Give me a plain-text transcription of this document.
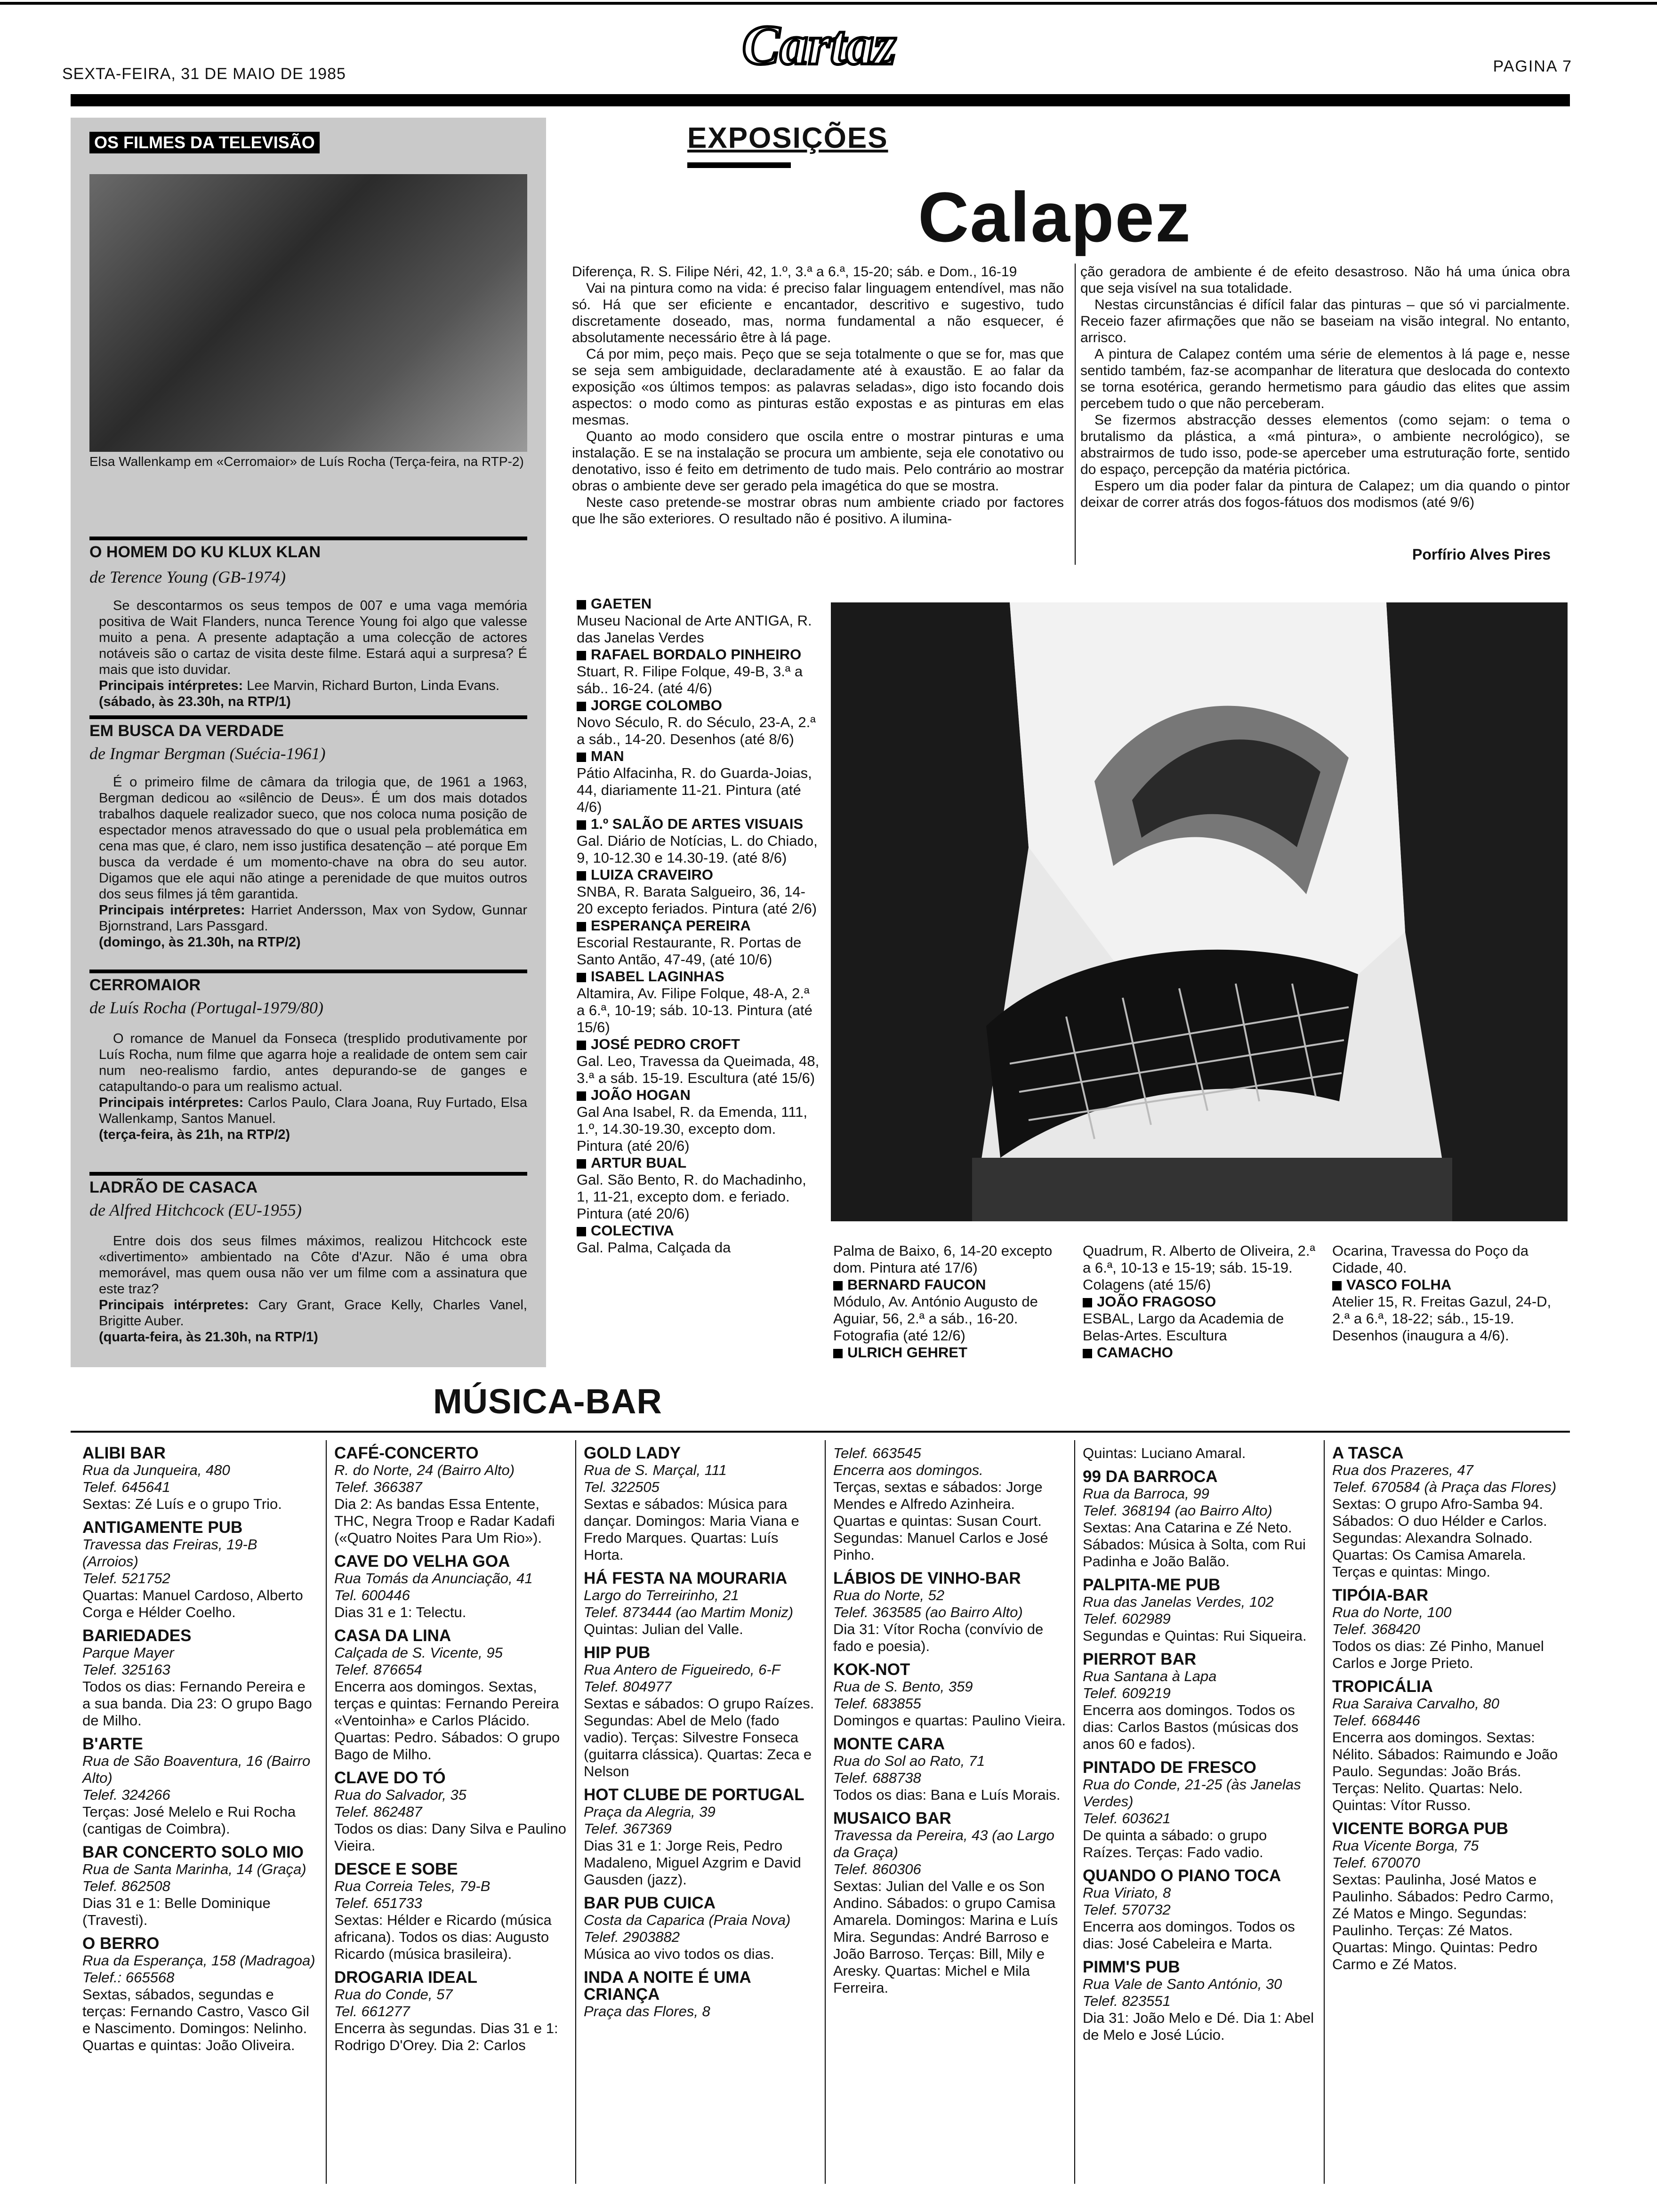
SEXTA-FEIRA, 31 DE MAIO DE 1985	Cartaz	PAGINA 7
OS FILMES DA TELEVISÃO
Elsa Wallenkamp em «Cerromaior» de Luís Rocha (Terça-feira, na RTP-2)
O HOMEM DO KU KLUX KLAN
de Terence Young (GB-1974)
Se descontarmos os seus tempos de 007 e uma vaga memória positiva de Wait Flanders, nunca Terence Young foi algo que valesse muito a pena. A presente adaptação a uma colecção de actores notáveis são o cartaz de visita deste filme. Estará aqui a surpresa? É mais que isto duvidar.
Principais intérpretes: Lee Marvin, Richard Burton, Linda Evans.
(sábado, às 23.30h, na RTP/1)
EM BUSCA DA VERDADE
de Ingmar Bergman (Suécia-1961)
É o primeiro filme de câmara da trilogia que, de 1961 a 1963, Bergman dedicou ao «silêncio de Deus». É um dos mais dotados trabalhos daquele realizador sueco, que nos coloca numa posição de espectador menos atravessado do que o usual pela problemática em cena mas que, é claro, nem isso justifica desatenção – até porque Em busca da verdade é um momento-chave na obra do seu autor. Digamos que ele aqui não atinge a perenidade de que muitos outros dos seus filmes já têm garantida.
Principais intérpretes: Harriet Andersson, Max von Sydow, Gunnar Bjornstrand, Lars Passgard.
(domingo, às 21.30h, na RTP/2)
CERROMAIOR
de Luís Rocha (Portugal-1979/80)
O romance de Manuel da Fonseca (trespIido produtivamente por Luís Rocha, num filme que agarra hoje a realidade de ontem sem cair num neo-realismo fardio, antes depurando-se de ganges e catapultando-o para um realismo actual.
Principais intérpretes: Carlos Paulo, Clara Joana, Ruy Furtado, Elsa Wallenkamp, Santos Manuel.
(terça-feira, às 21h, na RTP/2)
LADRÃO DE CASACA
de Alfred Hitchcock (EU-1955)
Entre dois dos seus filmes máximos, realizou Hitchcock este «divertimento» ambientado na Côte d'Azur. Não é uma obra memorável, mas quem ousa não ver um filme com a assinatura que este traz?
Principais intérpretes: Cary Grant, Grace Kelly, Charles Vanel, Brigitte Auber.
(quarta-feira, às 21.30h, na RTP/1)
EXPOSIÇÕES
Calapez

Diferença, R. S. Filipe Néri, 42, 1.º, 3.ª a 6.ª, 15-20; sáb. e Dom., 16-19

Vai na pintura como na vida: é preciso falar linguagem entendível, mas não só. Há que ser eficiente e encantador, descritivo e sugestivo, tudo discretamente doseado, mas, norma fundamental a não esquecer, é absolutamente necessário être à lá page.

Cá por mim, peço mais. Peço que se seja totalmente o que se for, mas que se seja sem ambiguidade, declaradamente até à exaustão. E ao falar da exposição «os últimos tempos: as palavras seladas», digo isto focando dois aspectos: o modo como as pinturas estão expostas e as pinturas em elas mesmas.

Quanto ao modo considero que oscila entre o mostrar pinturas e uma instalação. E se na instalação se procura um ambiente, seja ele conotativo ou denotativo, isso é feito em detrimento de tudo mais. Pelo contrário ao mostrar obras o ambiente deve ser gerado pela imagética do que se mostra.

Neste caso pretende-se mostrar obras num ambiente criado por factores que lhe são exteriores. O resultado não é positivo. A ilumina-

ção geradora de ambiente é de efeito desastroso. Não há uma única obra que seja visível na sua totalidade.

Nestas circunstâncias é difícil falar das pinturas – que só vi parcialmente. Receio fazer afirmações que não se baseiam na visão integral. No entanto, arrisco.

A pintura de Calapez contém uma série de elementos à lá page e, nesse sentido também, faz-se acompanhar de literatura que deslocada do contexto se torna esotérica, gerando hermetismo para gáudio das elites que assim percebem tudo o que não perceberam.

Se fizermos abstracção desses elementos (como sejam: o tema o brutalismo da plástica, a «má pintura», o ambiente necrológico), se abstrairmos de tudo isso, pode-se aperceber uma estruturação forte, sentido do espaço, percepção da matéria pictórica.

Espero um dia poder falar da pintura de Calapez; um dia quando o pintor deixar de correr atrás dos fogos-fátuos dos modismos (até 9/6)

Porfírio Alves Pires
GAETEN
Museu Nacional de Arte ANTIGA, R. das Janelas Verdes
RAFAEL BORDALO PINHEIRO
Stuart, R. Filipe Folque, 49-B, 3.ª a sáb.. 16-24. (até 4/6)
JORGE COLOMBO
Novo Século, R. do Século, 23-A, 2.ª a sáb., 14-20. Desenhos (até 8/6)
MAN
Pátio Alfacinha, R. do Guarda-Joias, 44, diariamente 11-21. Pintura (até 4/6)
1.º SALÃO DE ARTES VISUAIS
Gal. Diário de Notícias, L. do Chiado, 9, 10-12.30 e 14.30-19. (até 8/6)
LUIZA CRAVEIRO
SNBA, R. Barata Salgueiro, 36, 14-20 excepto feriados. Pintura (até 2/6)
ESPERANÇA PEREIRA
Escorial Restaurante, R. Portas de Santo Antão, 47-49, (até 10/6)
ISABEL LAGINHAS
Altamira, Av. Filipe Folque, 48-A, 2.ª a 6.ª, 10-19; sáb. 10-13. Pintura (até 15/6)
JOSÉ PEDRO CROFT
Gal. Leo, Travessa da Queimada, 48, 3.ª a sáb. 15-19. Escultura (até 15/6)
JOÃO HOGAN
Gal Ana Isabel, R. da Emenda, 111, 1.º, 14.30-19.30, excepto dom. Pintura (até 20/6)
ARTUR BUAL
Gal. São Bento, R. do Machadinho, 1, 11-21, excepto dom. e feriado. Pintura (até 20/6)
COLECTIVA
Gal. Palma, Calçada da	Palma de Baixo, 6, 14-20 excepto dom. Pintura até 17/6)
BERNARD FAUCON
Módulo, Av. António Augusto de Aguiar, 56, 2.ª a sáb., 16-20. Fotografia (até 12/6)
ULRICH GEHRET
Quadrum, R. Alberto de Oliveira, 2.ª a 6.ª, 10-13 e 15-19; sáb. 15-19. Colagens (até 15/6)
JOÃO FRAGOSO
ESBAL, Largo da Academia de Belas-Artes. Escultura
CAMACHO
Ocarina, Travessa do Poço da Cidade, 40.
VASCO FOLHA
Atelier 15, R. Freitas Gazul, 24-D, 2.ª a 6.ª, 18-22; sáb., 15-19. Desenhos (inaugura a 4/6).
MÚSICA-BAR
ALIBI BAR
Rua da Junqueira, 480
Telef. 645641
Sextas: Zé Luís e o grupo Trio.
ANTIGAMENTE PUB
Travessa das Freiras, 19-B (Arroios)
Telef. 521752
Quartas: Manuel Cardoso, Alberto Corga e Hélder Coelho.
BARIEDADES
Parque Mayer
Telef. 325163
Todos os dias: Fernando Pereira e a sua banda. Dia 23: O grupo Bago de Milho.
B'ARTE
Rua de São Boaventura, 16 (Bairro Alto)
Telef. 324266
Terças: José Melelo e Rui Rocha (cantigas de Coimbra).
BAR CONCERTO SOLO MIO
Rua de Santa Marinha, 14 (Graça)
Telef. 862508
Dias 31 e 1: Belle Dominique (Travesti).
O BERRO
Rua da Esperança, 158 (Madragoa)
Telef.: 665568
Sextas, sábados, segundas e terças: Fernando Castro, Vasco Gil e Nascimento. Domingos: Nelinho. Quartas e quintas: João Oliveira.
CAFÉ-CONCERTO
R. do Norte, 24 (Bairro Alto)
Telef. 366387
Dia 2: As bandas Essa Entente, THC, Negra Troop e Radar Kadafi («Quatro Noites Para Um Rio»).
CAVE DO VELHA GOA
Rua Tomás da Anunciação, 41
Tel. 600446
Dias 31 e 1: Telectu.
CASA DA LINA
Calçada de S. Vicente, 95
Telef. 876654
Encerra aos domingos. Sextas, terças e quintas: Fernando Pereira «Ventoinha» e Carlos Plácido. Quartas: Pedro. Sábados: O grupo Bago de Milho.
CLAVE DO TÓ
Rua do Salvador, 35
Telef. 862487
Todos os dias: Dany Silva e Paulino Vieira.
DESCE E SOBE
Rua Correia Teles, 79-B
Telef. 651733
Sextas: Hélder e Ricardo (música africana). Todos os dias: Augusto Ricardo (música brasileira).
DROGARIA IDEAL
Rua do Conde, 57
Tel. 661277
Encerra às segundas. Dias 31 e 1: Rodrigo D'Orey. Dia 2: Carlos
GOLD LADY
Rua de S. Marçal, 111
Tel. 322505
Sextas e sábados: Música para dançar. Domingos: Maria Viana e Fredo Marques. Quartas: Luís Horta.
HÁ FESTA NA MOURARIA
Largo do Terreirinho, 21
Telef. 873444 (ao Martim Moniz)
Quintas: Julian del Valle.
HIP PUB
Rua Antero de Figueiredo, 6-F
Telef. 804977
Sextas e sábados: O grupo Raízes. Segundas: Abel de Melo (fado vadio). Terças: Silvestre Fonseca (guitarra clássica). Quartas: Zeca e Nelson
HOT CLUBE DE PORTUGAL
Praça da Alegria, 39
Telef. 367369
Dias 31 e 1: Jorge Reis, Pedro Madaleno, Miguel Azgrim e David Gausden (jazz).
BAR PUB CUICA
Costa da Caparica (Praia Nova)
Telef. 2903882
Música ao vivo todos os dias.
INDA A NOITE É UMA CRIANÇA
Praça das Flores, 8
Telef. 663545
Encerra aos domingos.
Terças, sextas e sábados: Jorge Mendes e Alfredo Azinheira. Quartas e quintas: Susan Court. Segundas: Manuel Carlos e José Pinho.
LÁBIOS DE VINHO-BAR
Rua do Norte, 52
Telef. 363585 (ao Bairro Alto)
Dia 31: Vítor Rocha (convívio de fado e poesia).
KOK-NOT
Rua de S. Bento, 359
Telef. 683855
Domingos e quartas: Paulino Vieira.
MONTE CARA
Rua do Sol ao Rato, 71
Telef. 688738
Todos os dias: Bana e Luís Morais.
MUSAICO BAR
Travessa da Pereira, 43 (ao Largo da Graça)
Telef. 860306
Sextas: Julian del Valle e os Son Andino. Sábados: o grupo Camisa Amarela. Domingos: Marina e Luís Mira. Segundas: André Barroso e João Barroso. Terças: Bill, Mily e Aresky. Quartas: Michel e Mila Ferreira.
Quintas: Luciano Amaral.
99 DA BARROCA
Rua da Barroca, 99
Telef. 368194 (ao Bairro Alto)
Sextas: Ana Catarina e Zé Neto. Sábados: Música à Solta, com Rui Padinha e João Balão.
PALPITA-ME PUB
Rua das Janelas Verdes, 102
Telef. 602989
Segundas e Quintas: Rui Siqueira.
PIERROT BAR
Rua Santana à Lapa
Telef. 609219
Encerra aos domingos. Todos os dias: Carlos Bastos (músicas dos anos 60 e fados).
PINTADO DE FRESCO
Rua do Conde, 21-25 (às Janelas Verdes)
Telef. 603621
De quinta a sábado: o grupo Raízes. Terças: Fado vadio.
QUANDO O PIANO TOCA
Rua Viriato, 8
Telef. 570732
Encerra aos domingos. Todos os dias: José Cabeleira e Marta.
PIMM'S PUB
Rua Vale de Santo António, 30
Telef. 823551
Dia 31: João Melo e Dé. Dia 1: Abel de Melo e José Lúcio.
A TASCA
Rua dos Prazeres, 47
Telef. 670584 (à Praça das Flores)
Sextas: O grupo Afro-Samba 94. Sábados: O duo Hélder e Carlos. Segundas: Alexandra Solnado. Quartas: Os Camisa Amarela. Terças e quintas: Mingo.
TIPÓIA-BAR
Rua do Norte, 100
Telef. 368420
Todos os dias: Zé Pinho, Manuel Carlos e Jorge Prieto.
TROPICÁLIA
Rua Saraiva Carvalho, 80
Telef. 668446
Encerra aos domingos. Sextas: Nélito. Sábados: Raimundo e João Paulo. Segundas: João Brás. Terças: Nelito. Quartas: Nelo. Quintas: Vítor Russo.
VICENTE BORGA PUB
Rua Vicente Borga, 75
Telef. 670070
Sextas: Paulinha, José Matos e Paulinho. Sábados: Pedro Carmo, Zé Matos e Mingo. Segundas: Paulinho. Terças: Zé Matos. Quartas: Mingo. Quintas: Pedro Carmo e Zé Matos.
